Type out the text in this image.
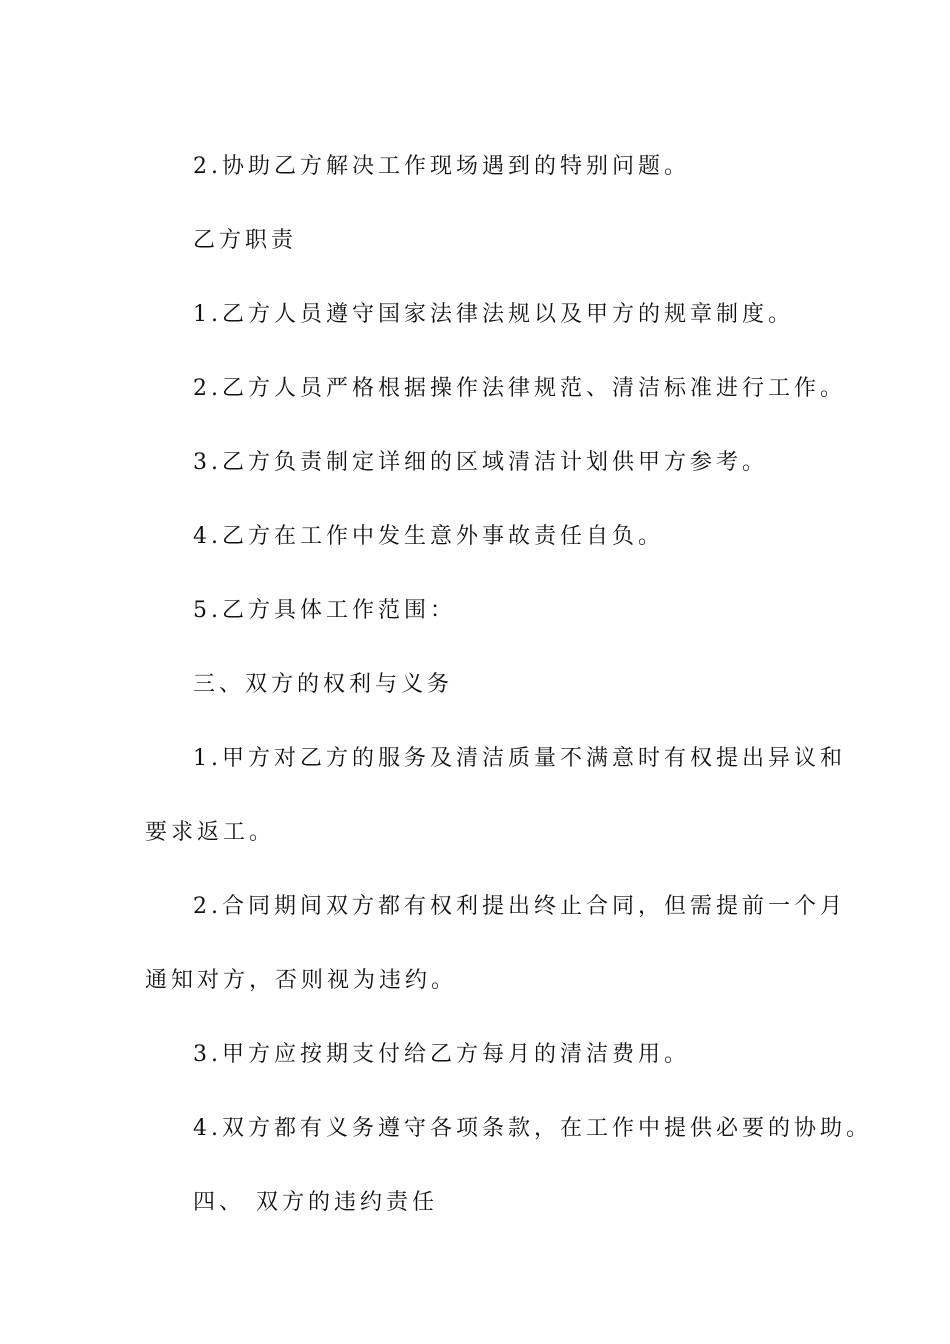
2.协助乙方解决工作现场遇到的特别问题。

乙方职责

1.乙方人员遵守国家法律法规以及甲方的规章制度。

2.乙方人员严格根据操作法律规范、清洁标准进行工作。

3.乙方负责制定详细的区域清洁计划供甲方参考。

4.乙方在工作中发生意外事故责任自负。

5.乙方具体工作范围：

三、双方的权利与义务

1.甲方对乙方的服务及清洁质量不满意时有权提出异议和

要求返工。

2.合同期间双方都有权利提出终止合同，但需提前一个月

通知对方，否则视为违约。

3.甲方应按期支付给乙方每月的清洁费用。

4.双方都有义务遵守各项条款，在工作中提供必要的协助。

四、 双方的违约责任
